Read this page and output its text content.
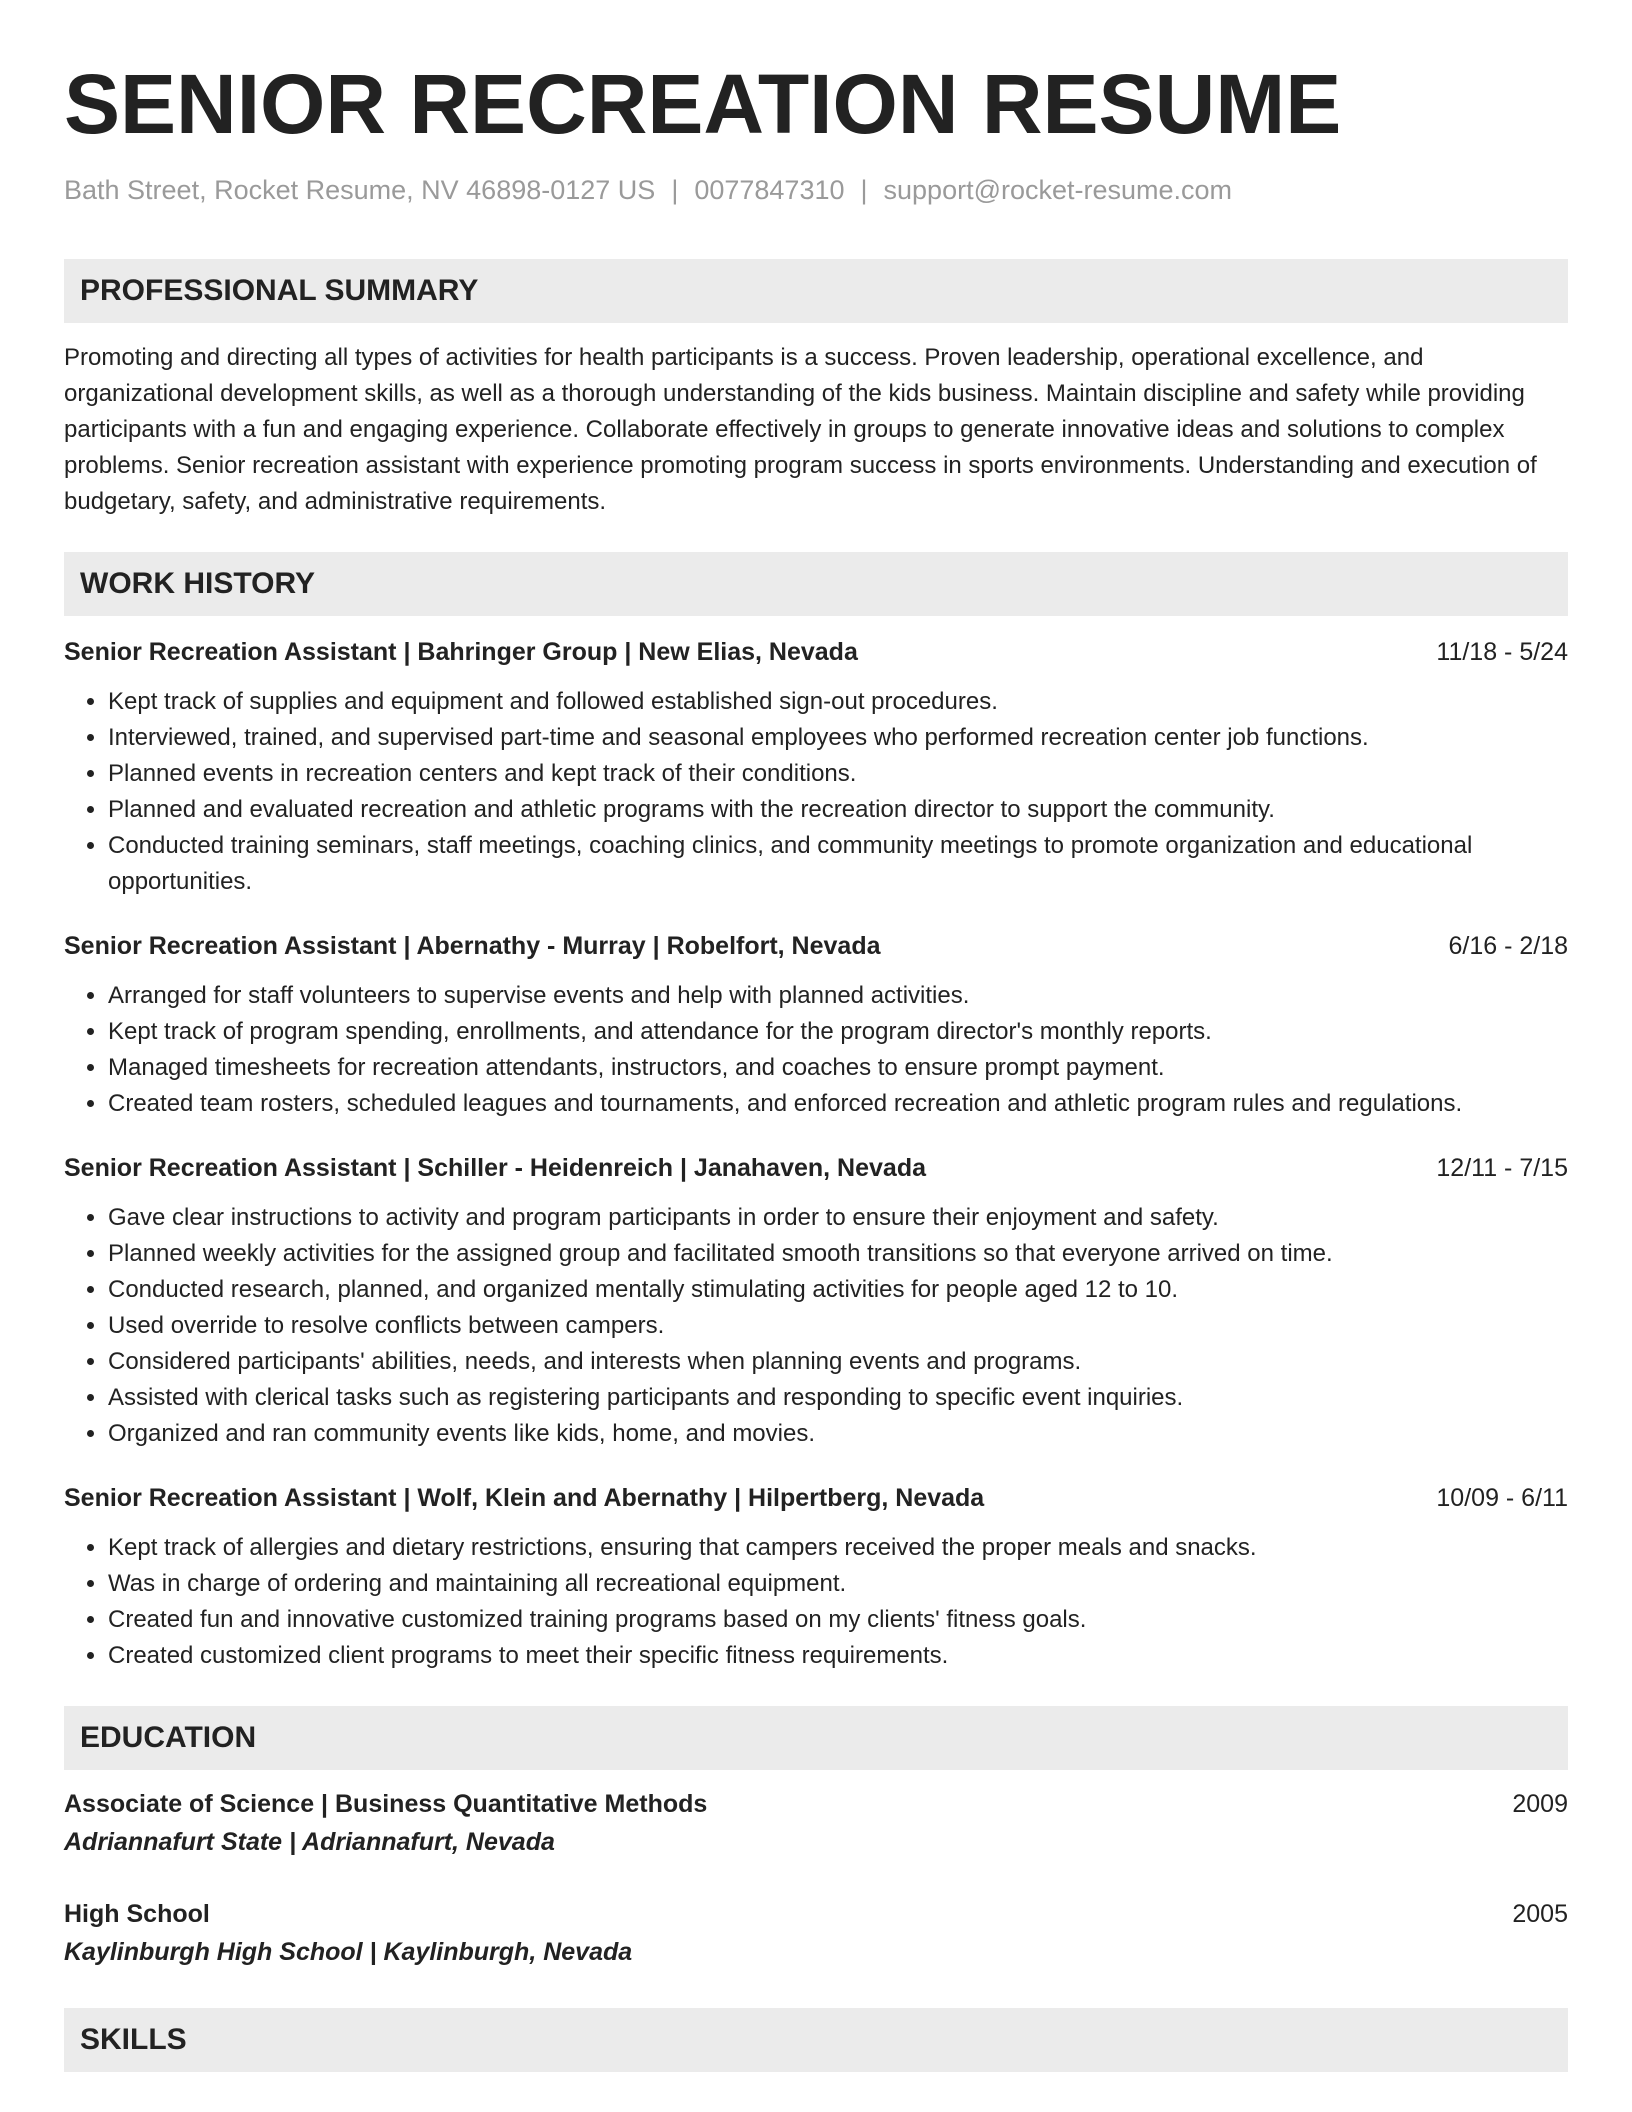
SENIOR RECREATION RESUME
Bath Street, Rocket Resume, NV 46898-0127 US | 0077847310 | support@rocket-resume.com
PROFESSIONAL SUMMARY
Promoting and directing all types of activities for health participants is a success. Proven leadership, operational excellence, and organizational development skills, as well as a thorough understanding of the kids business. Maintain discipline and safety while providing participants with a fun and engaging experience. Collaborate effectively in groups to generate innovative ideas and solutions to complex problems. Senior recreation assistant with experience promoting program success in sports environments. Understanding and execution of budgetary, safety, and administrative requirements.
WORK HISTORY
Senior Recreation Assistant | Bahringer Group | New Elias, Nevada	11/18 - 5/24
• Kept track of supplies and equipment and followed established sign-out procedures.
• Interviewed, trained, and supervised part-time and seasonal employees who performed recreation center job functions.
• Planned events in recreation centers and kept track of their conditions.
• Planned and evaluated recreation and athletic programs with the recreation director to support the community.
• Conducted training seminars, staff meetings, coaching clinics, and community meetings to promote organization and educational opportunities.
Senior Recreation Assistant | Abernathy - Murray | Robelfort, Nevada	6/16 - 2/18
• Arranged for staff volunteers to supervise events and help with planned activities.
• Kept track of program spending, enrollments, and attendance for the program director's monthly reports.
• Managed timesheets for recreation attendants, instructors, and coaches to ensure prompt payment.
• Created team rosters, scheduled leagues and tournaments, and enforced recreation and athletic program rules and regulations.
Senior Recreation Assistant | Schiller - Heidenreich | Janahaven, Nevada	12/11 - 7/15
• Gave clear instructions to activity and program participants in order to ensure their enjoyment and safety.
• Planned weekly activities for the assigned group and facilitated smooth transitions so that everyone arrived on time.
• Conducted research, planned, and organized mentally stimulating activities for people aged 12 to 10.
• Used override to resolve conflicts between campers.
• Considered participants' abilities, needs, and interests when planning events and programs.
• Assisted with clerical tasks such as registering participants and responding to specific event inquiries.
• Organized and ran community events like kids, home, and movies.
Senior Recreation Assistant | Wolf, Klein and Abernathy | Hilpertberg, Nevada	10/09 - 6/11
• Kept track of allergies and dietary restrictions, ensuring that campers received the proper meals and snacks.
• Was in charge of ordering and maintaining all recreational equipment.
• Created fun and innovative customized training programs based on my clients' fitness goals.
• Created customized client programs to meet their specific fitness requirements.
EDUCATION
Associate of Science | Business Quantitative Methods	2009
Adriannafurt State | Adriannafurt, Nevada
High School	2005
Kaylinburgh High School | Kaylinburgh, Nevada
SKILLS
